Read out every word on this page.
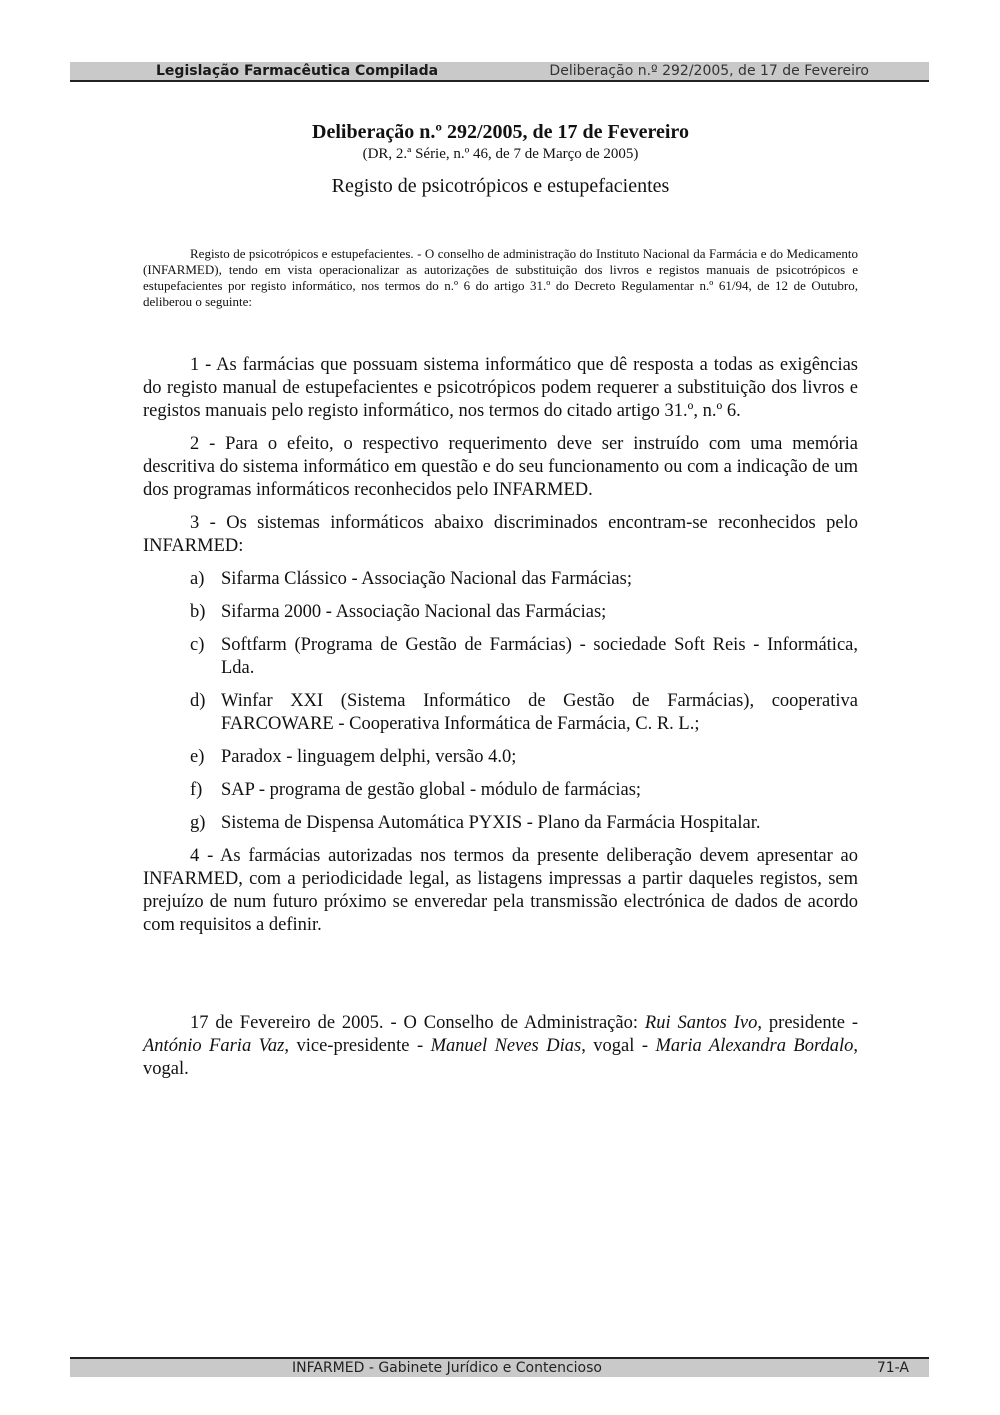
Legislação Farmacêutica Compilada	Deliberação n.º 292/2005, de 17 de Fevereiro
Deliberação n.º 292/2005, de 17 de Fevereiro
(DR, 2.ª Série, n.º 46, de 7 de Março de 2005)
Registo de psicotrópicos e estupefacientes

Registo de psicotrópicos e estupefacientes. - O conselho de administração do Instituto Nacional da Farmácia e do Medicamento (INFARMED), tendo em vista operacionalizar as autorizações de substituição dos livros e registos manuais de psicotrópicos e estupefacientes por registo informático, nos termos do n.º 6 do artigo 31.º do Decreto Regulamentar n.º 61/94, de 12 de Outubro, deliberou o seguinte:

1 - As farmácias que possuam sistema informático que dê resposta a todas as exigências do registo manual de estupefacientes e psicotrópicos podem requerer a substituição dos livros e registos manuais pelo registo informático, nos termos do citado artigo 31.º, n.º 6.

2 - Para o efeito, o respectivo requerimento deve ser instruído com uma memória descritiva do sistema informático em questão e do seu funcionamento ou com a indicação de um dos programas informáticos reconhecidos pelo INFARMED.

3 - Os sistemas informáticos abaixo discriminados encontram-se reconhecidos pelo INFARMED:

a) Sifarma Clássico - Associação Nacional das Farmácias;
b) Sifarma 2000 - Associação Nacional das Farmácias;
c) Softfarm (Programa de Gestão de Farmácias) - sociedade Soft Reis - Informática, Lda.
d) Winfar XXI (Sistema Informático de Gestão de Farmácias), cooperativa FARCOWARE - Cooperativa Informática de Farmácia, C. R. L.;
e) Paradox - linguagem delphi, versão 4.0;
f) SAP - programa de gestão global - módulo de farmácias;
g) Sistema de Dispensa Automática PYXIS - Plano da Farmácia Hospitalar.

4 - As farmácias autorizadas nos termos da presente deliberação devem apresentar ao INFARMED, com a periodicidade legal, as listagens impressas a partir daqueles registos, sem prejuízo de num futuro próximo se enveredar pela transmissão electrónica de dados de acordo com requisitos a definir.

17 de Fevereiro de 2005. - O Conselho de Administração: Rui Santos Ivo, presidente - António Faria Vaz, vice-presidente - Manuel Neves Dias, vogal - Maria Alexandra Bordalo, vogal.

INFARMED - Gabinete Jurídico e Contencioso	71-A
